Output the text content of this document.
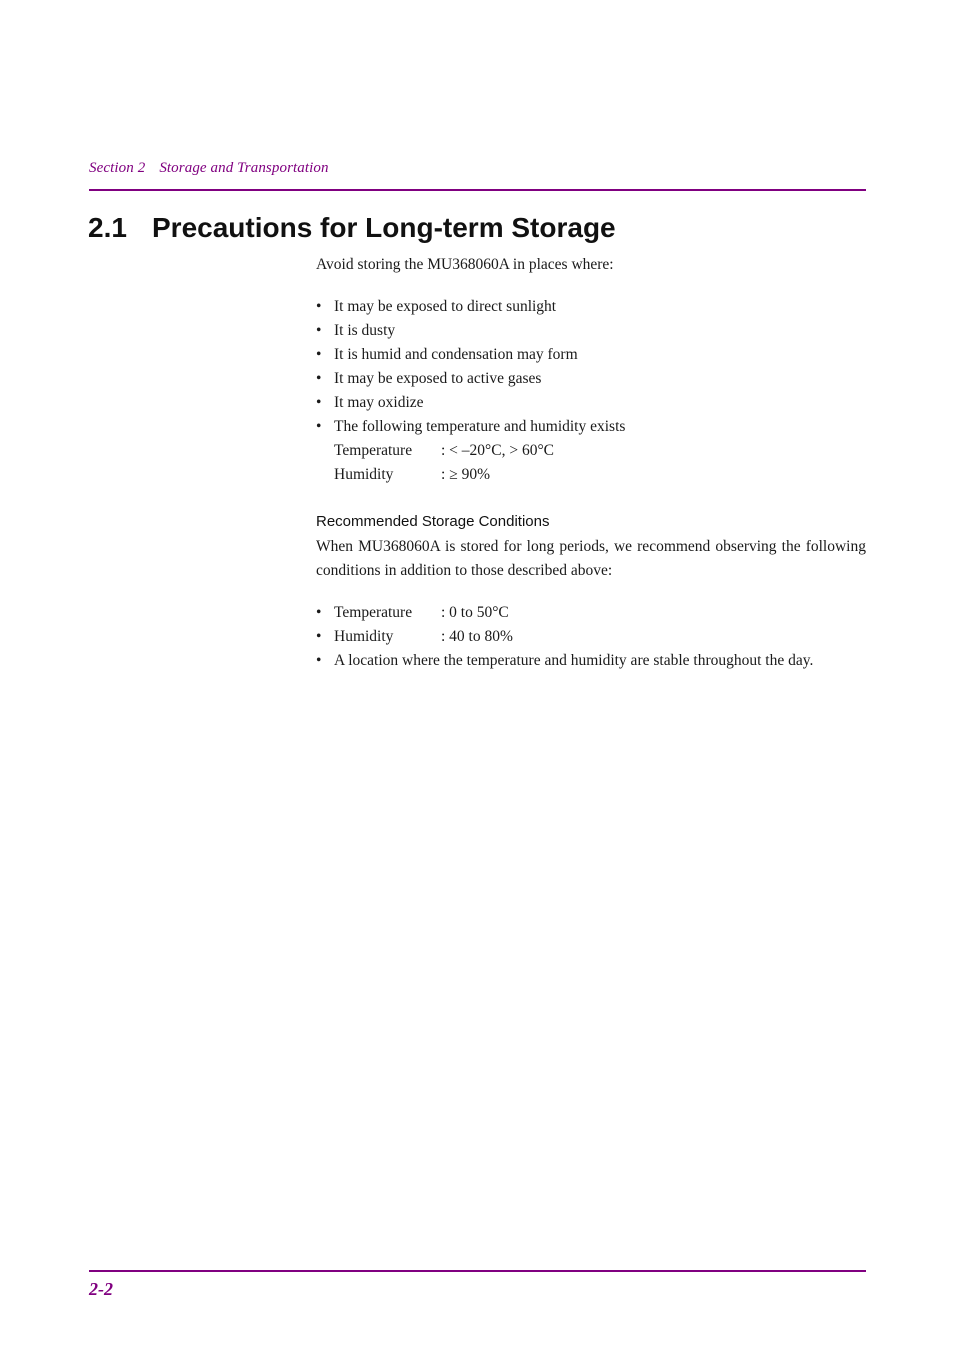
Section 2 Storage and Transportation
2.1 Precautions for Long-term Storage
Avoid storing the MU368060A in places where:
• It may be exposed to direct sunlight
• It is dusty
• It is humid and condensation may form
• It may be exposed to active gases
• It may oxidize
• The following temperature and humidity exists
Temperature : < –20°C, > 60°C
Humidity	: ≥ 90%
Recommended Storage Conditions
When MU368060A is stored for long periods, we recommend observing the following conditions in addition to those described above:
• Temperature : 0 to 50°C
• Humidity	: 40 to 80%
• A location where the temperature and humidity are stable throughout the day.
2-2
